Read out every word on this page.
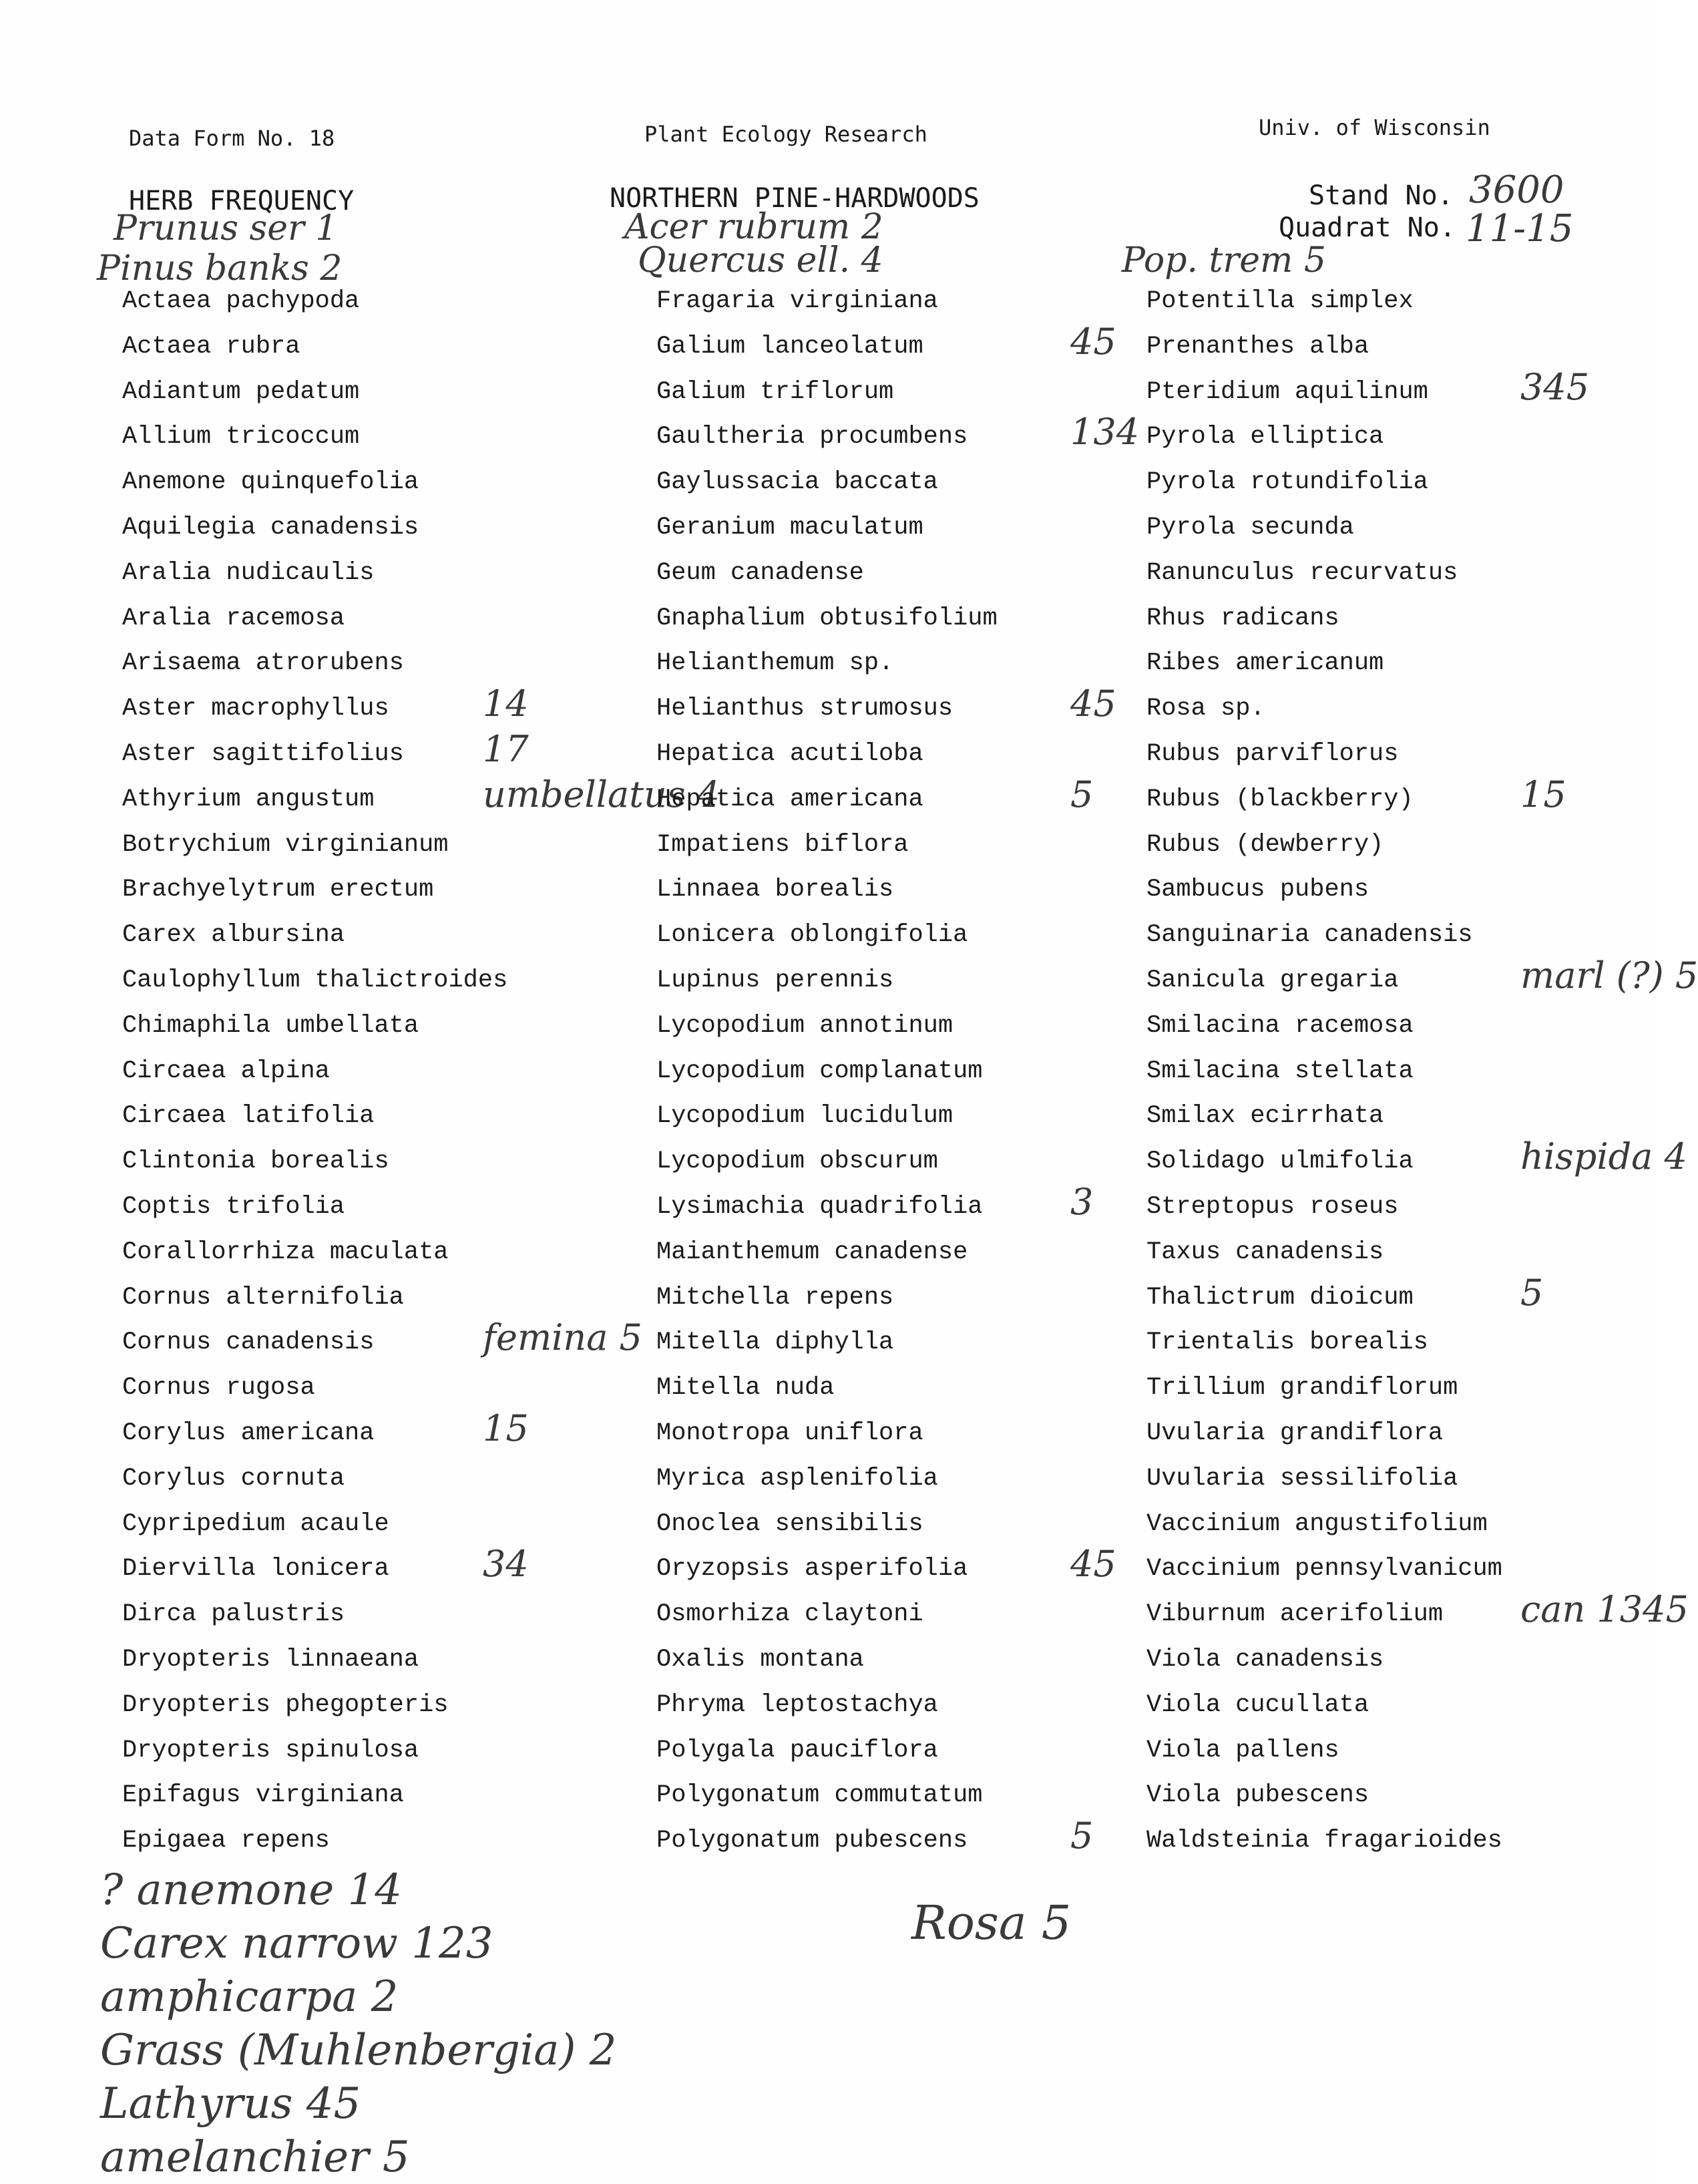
Data Form No. 18	Plant Ecology Research	Univ. of Wisconsin
HERB FREQUENCY	NORTHERN PINE-HARDWOODS	Stand No. 3600
Quadrat No. 11-15
Prunus ser 1
Pinus banks 2
Acer rubrum 2
Quercus ell. 4	Pop. trem 5
Actaea pachypoda
Actaea rubra
Adiantum pedatum
Allium tricoccum
Anemone quinquefolia
Aquilegia canadensis
Aralia nudicaulis
Aralia racemosa
Arisaema atrorubens
Aster macrophyllus	14
Aster sagittifolius 17
Athyrium angustum	umbellatus 4
Botrychium virginianum
Brachyelytrum erectum
Carex albursina
Caulophyllum thalictroides
Chimaphila umbellata
Circaea alpina
Circaea latifolia
Clintonia borealis
Coptis trifolia
Corallorrhiza maculata
Cornus alternifolia
Cornus canadensis	femina 5
Cornus rugosa
Corylus americana	15
Corylus cornuta
Cypripedium acaule
Diervilla lonicera	34
Dirca palustris
Dryopteris linnaeana
Dryopteris phegopteris
Dryopteris spinulosa
Epifagus virginiana
Epigaea repens
Fragaria virginiana
Galium lanceolatum	45
Galium triflorum
Gaultheria procumbens	134
Gaylussacia baccata
Geranium maculatum
Geum canadense
Gnaphalium obtusifolium
Helianthemum sp.
Helianthus strumosus	45
Hepatica acutiloba
Hepatica americana	5
Impatiens biflora
Linnaea borealis
Lonicera oblongifolia
Lupinus perennis
Lycopodium annotinum
Lycopodium complanatum
Lycopodium lucidulum
Lycopodium obscurum
Lysimachia quadrifolia 3
Maianthemum canadense
Mitchella repens
Mitella diphylla
Mitella nuda
Monotropa uniflora
Myrica asplenifolia
Onoclea sensibilis
Oryzopsis asperifolia	45
Osmorhiza claytoni
Oxalis montana
Phryma leptostachya
Polygala pauciflora
Polygonatum commutatum
Polygonatum pubescens	5
Potentilla simplex
Prenanthes alba
Pteridium aquilinum	345
Pyrola elliptica
Pyrola rotundifolia
Pyrola secunda
Ranunculus recurvatus
Rhus radicans
Ribes americanum
Rosa sp.
Rubus parviflorus
Rubus (blackberry)	15
Rubus (dewberry)
Sambucus pubens
Sanguinaria canadensis
Sanicula gregaria	marl (?) 5
Smilacina racemosa
Smilacina stellata
Smilax ecirrhata
Solidago ulmifolia	hispida 4
Streptopus roseus
Taxus canadensis
Thalictrum dioicum	5
Trientalis borealis
Trillium grandiflorum
Uvularia grandiflora
Uvularia sessilifolia
Vaccinium angustifolium
Vaccinium pennsylvanicum
Viburnum acerifolium can 1345
Viola canadensis
Viola cucullata
Viola pallens
Viola pubescens
Waldsteinia fragarioides
Rosa 5
? anemone 14
Carex narrow 123
amphicarpa 2
Grass (Muhlenbergia) 2
Lathyrus 45
amelanchier 5
